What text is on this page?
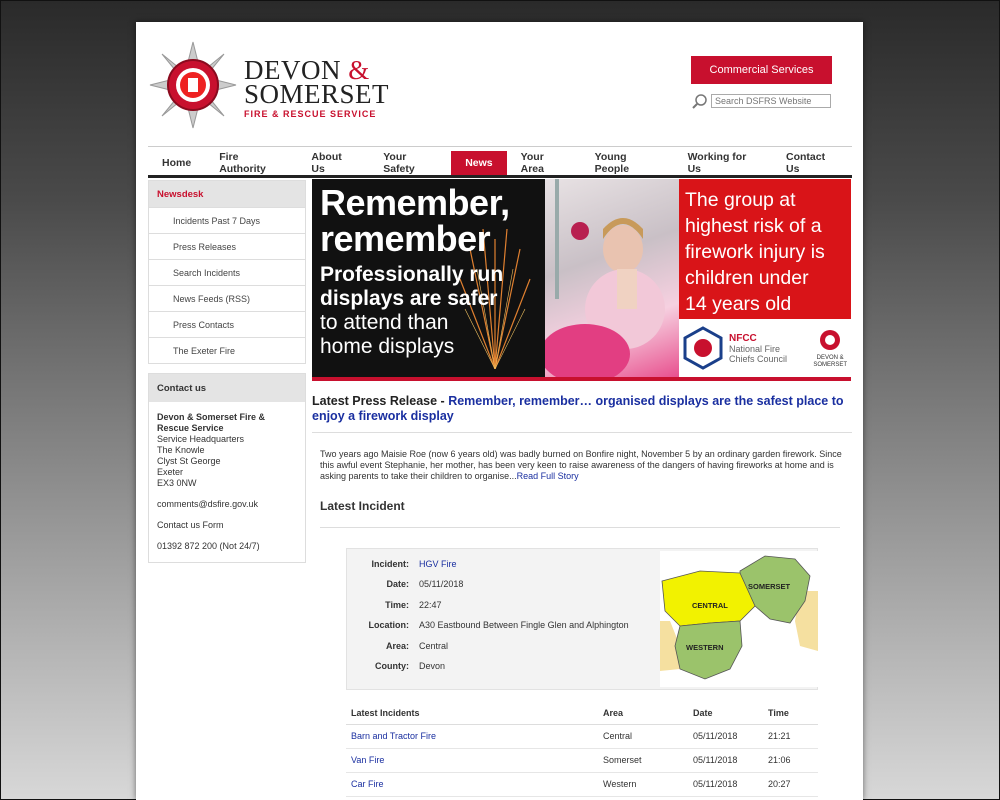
DEVON &
SOMERSET
FIRE & RESCUE SERVICE
Commercial Services
Search DSFRS Website
Home	Fire Authority
About Us
Your Safety	News	Your Area
Young People
Working for Us
Contact Us
Newsdesk
Incidents Past 7 Days
Press Releases
Search Incidents
News Feeds (RSS)
Press Contacts
The Exeter Fire
Contact us
Devon & Somerset Fire & Rescue Service
Service Headquarters
The Knowle
Clyst St George
Exeter
EX3 0NW
comments@dsfire.gov.uk
Contact us Form
01392 872 200 (Not 24/7)
Remember,
remember
Professionally run
displays are safer
to attend than
home displays
The group at
highest risk of a
firework injury is
children under
14 years old
NFCC
National Fire
Chiefs Council	DEVON &
SOMERSET
Latest Press Release - Remember, remember… organised displays are the safest place to enjoy a firework display
Two years ago Maisie Roe (now 6 years old) was badly burned on Bonfire night, November 5 by an ordinary garden firework. Since this awful event Stephanie, her mother, has been very keen to raise awareness of the dangers of having fireworks at home and is asking parents to take their children to organise...Read Full Story
Latest Incident
Incident: HGV Fire
Date: 05/11/2018
Time: 22:47
Location: A30 Eastbound Between Fingle Glen and Alphington
Area: Central
County: Devon
SOMERSET
CENTRAL
WESTERN
Latest Incidents	Area	Date	Time
Barn and Tractor Fire	Central	05/11/2018	21:21
Van Fire	Somerset	05/11/2018	21:06
Car Fire	Western	05/11/2018	20:27
